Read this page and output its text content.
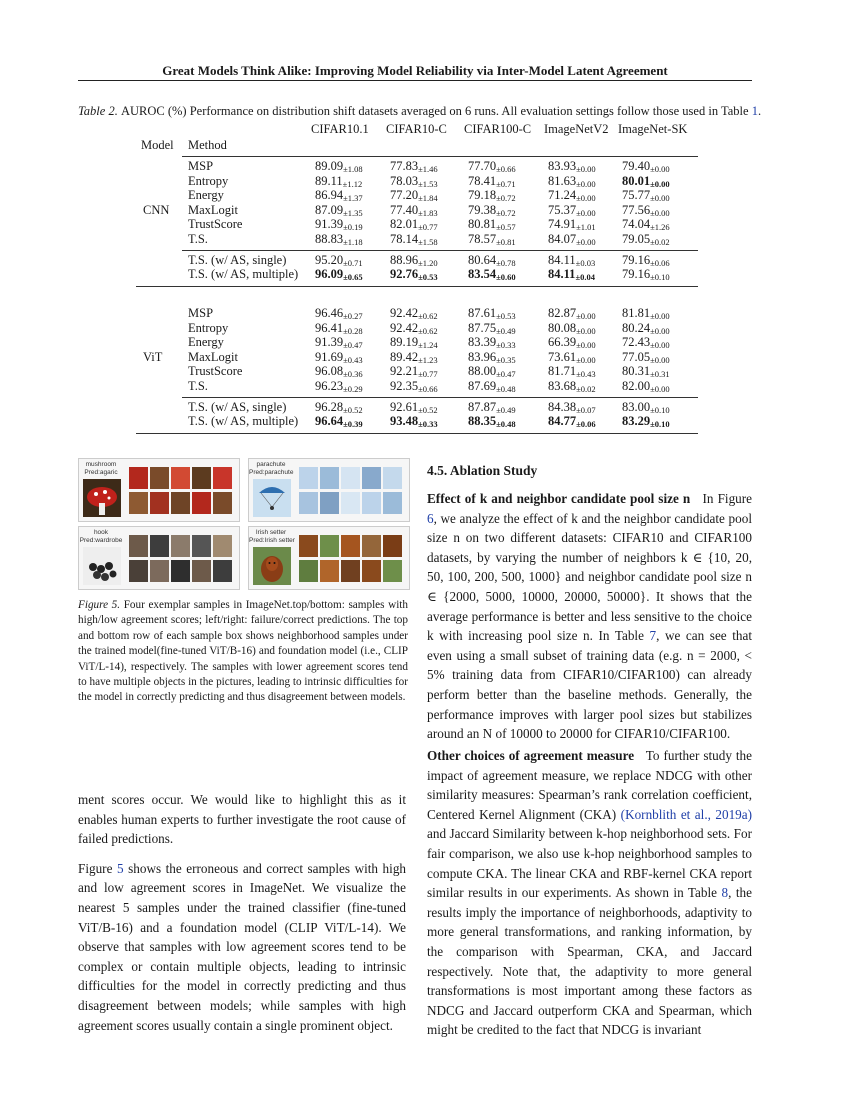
Great Models Think Alike: Improving Model Reliability via Inter-Model Latent Agreement
Table 2. AUROC (%) Performance on distribution shift datasets averaged on 6 runs. All evaluation settings follow those used in Table 1.
CIFAR10.1 CIFAR10-C CIFAR100-C ImageNetV2 ImageNet-SK
Model Method
CNN
MSP	$89.09_{\pm 1.08}$ $77.83_{\pm 1.46}$ $77.70_{\pm 0.66}$	$83.93_{\pm 0.00}$ $79.40_{\pm 0.00}$
Entropy	$89.11_{\pm 1.12}$ $78.03_{\pm 1.53}$ $78.41_{\pm 0.71}$	$81.63_{\pm 0.00}$ $80.01_{\pm 0.00}$
Energy	$86.94_{\pm 1.37}$ $77.20_{\pm 1.84}$ $79.18_{\pm 0.72}$	$71.24_{\pm 0.00}$ $75.77_{\pm 0.00}$
MaxLogit	$87.09_{\pm 1.35}$ $77.40_{\pm 1.83}$ $79.38_{\pm 0.72}$	$75.37_{\pm 0.00}$ $77.56_{\pm 0.00}$
TrustScore	$91.39_{\pm 0.19}$ $82.01_{\pm 0.77}$ $80.81_{\pm 0.57}$	$74.91_{\pm 1.01}$ $74.04_{\pm 1.26}$
T.S.	$88.83_{\pm 1.18}$ $78.14_{\pm 1.58}$ $78.57_{\pm 0.81}$	$84.07_{\pm 0.00}$ $79.05_{\pm 0.02}$
T.S. (w/ AS, single) $95.20_{\pm 0.71}$ $88.96_{\pm 1.20}$ $80.64_{\pm 0.78}$	$84.11_{\pm 0.03}$ $79.16_{\pm 0.06}$
T.S. (w/ AS, multiple) $96.09_{\pm 0.65}$ $92.76_{\pm 0.53}$ $83.54_{\pm 0.60}$	$84.11_{\pm 0.04}$ $79.16_{\pm 0.10}$
ViT
MSP	$96.46_{\pm 0.27}$ $92.42_{\pm 0.62}$ $87.61_{\pm 0.53}$	$82.87_{\pm 0.00}$ $81.81_{\pm 0.00}$
Entropy	$96.41_{\pm 0.28}$ $92.42_{\pm 0.62}$ $87.75_{\pm 0.49}$	$80.08_{\pm 0.00}$ $80.24_{\pm 0.00}$
Energy	$91.39_{\pm 0.47}$ $89.19_{\pm 1.24}$ $83.39_{\pm 0.33}$	$66.39_{\pm 0.00}$ $72.43_{\pm 0.00}$
MaxLogit	$91.69_{\pm 0.43}$ $89.42_{\pm 1.23}$ $83.96_{\pm 0.35}$	$73.61_{\pm 0.00}$ $77.05_{\pm 0.00}$
TrustScore	$96.08_{\pm 0.36}$ $92.21_{\pm 0.77}$ $88.00_{\pm 0.47}$	$81.71_{\pm 0.43}$ $80.31_{\pm 0.31}$
T.S.	$96.23_{\pm 0.29}$ $92.35_{\pm 0.66}$ $87.69_{\pm 0.48}$	$83.68_{\pm 0.02}$ $82.00_{\pm 0.00}$
T.S. (w/ AS, single) $96.28_{\pm 0.52}$ $92.61_{\pm 0.52}$ $87.87_{\pm 0.49}$	$84.38_{\pm 0.07}$ $83.00_{\pm 0.10}$
T.S. (w/ AS, multiple) $96.64_{\pm 0.39}$ $93.48_{\pm 0.33}$ $88.35_{\pm 0.48}$	$84.77_{\pm 0.06}$ $83.29_{\pm 0.10}$
mushroom
Pred:agaric
parachute
Pred:parachute
hook
Pred:wardrobe
Irish setter
Pred:Irish setter
Figure 5. Four exemplar samples in ImageNet.top/bottom: samples with high/low agreement scores; left/right: failure/correct predictions. The top and bottom row of each sample box shows neighborhood samples under the trained model(fine-tuned ViT/B-16) and foundation model (i.e., CLIP ViT/L-14), respectively. The samples with lower agreement scores tend to have multiple objects in the pictures, leading to intrinsic difficulties for the model in correctly predicting and thus disagreement between models.

ment scores occur. We would like to highlight this as it enables human experts to further investigate the root cause of failed predictions.

Figure 5 shows the erroneous and correct samples with high and low agreement scores in ImageNet. We visualize the nearest 5 samples under the trained classifier (fine-tuned ViT/B-16) and a foundation model (CLIP ViT/L-14). We observe that samples with low agreement scores tend to be complex or contain multiple objects, leading to intrinsic difficulties for the model in correctly predicting and thus disagreement between models; while samples with high agreement scores usually contain a single prominent object.

4.5. Ablation Study

Effect of k and neighbor candidate pool size n In Figure 6, we analyze the effect of k and the neighbor candidate pool size n on two different datasets: CIFAR10 and CIFAR100 datasets, by varying the number of neighbors k ∈ {10, 20, 50, 100, 200, 500, 1000} and neighbor candidate pool size n ∈ {2000, 5000, 10000, 20000, 50000}. It shows that the average performance is better and less sensitive to the choice k with increasing pool size n. In Table 7, we can see that even using a small subset of training data (e.g. n = 2000, < 5% training data from CIFAR10/CIFAR100) can already perform better than the baseline methods. Generally, the performance improves with larger pool sizes but stabilizes around an N of 10000 to 20000 for CIFAR10/CIFAR100.

Other choices of agreement measure To further study the impact of agreement measure, we replace NDCG with other similarity measures: Spearman’s rank correlation coefficient, Centered Kernel Alignment (CKA) (Kornblith et al., 2019a) and Jaccard Similarity between k-hop neighborhood sets. For fair comparison, we also use k-hop neighborhood samples to compute CKA. The linear CKA and RBF-kernel CKA report similar results in our experiments. As shown in Table 8, the results imply the importance of neighborhoods, adaptivity to more general transformations, and ranking information, by the comparison with Spearman, CKA, and Jaccard respectively. Note that, the adaptivity to more general transformations is most important among these factors as NDCG and Jaccard outperform CKA and Spearman, which might be credited to the fact that NDCG is invariant
